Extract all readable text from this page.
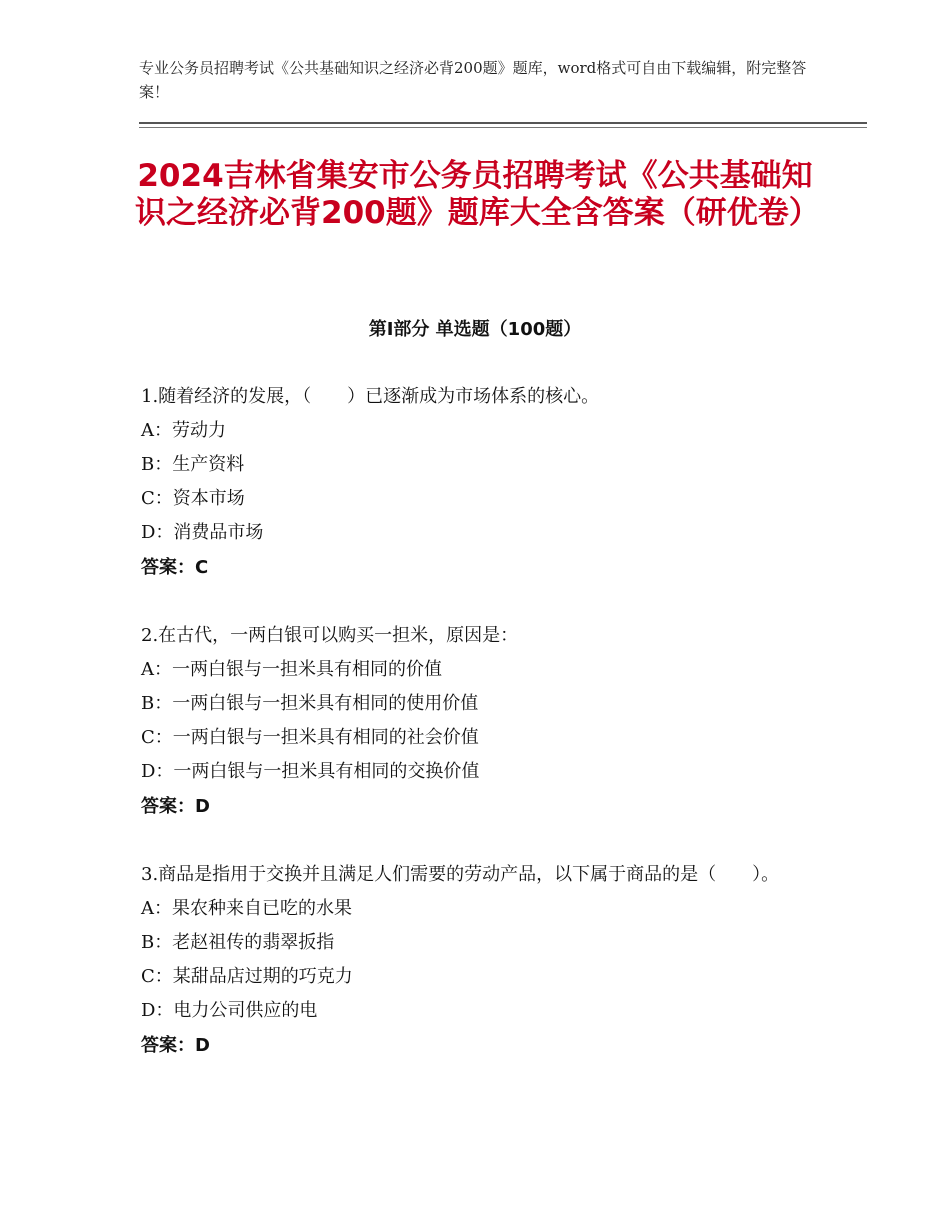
专业公务员招聘考试《公共基础知识之经济必背200题》题库，word格式可自由下载编辑，附完整答案！
2024吉林省集安市公务员招聘考试《公共基础知识之经济必背200题》题库大全含答案（研优卷）
第Ⅰ部分 单选题（100题）
1.随着经济的发展，（　　）已逐渐成为市场体系的核心。
A：劳动力
B：生产资料
C：资本市场
D：消费品市场
答案：C
2.在古代，一两白银可以购买一担米，原因是：
A：一两白银与一担米具有相同的价值
B：一两白银与一担米具有相同的使用价值
C：一两白银与一担米具有相同的社会价值
D：一两白银与一担米具有相同的交换价值
答案：D
3.商品是指用于交换并且满足人们需要的劳动产品，以下属于商品的是（　　）。
A：果农种来自已吃的水果
B：老赵祖传的翡翠扳指
C：某甜品店过期的巧克力
D：电力公司供应的电
答案：D
